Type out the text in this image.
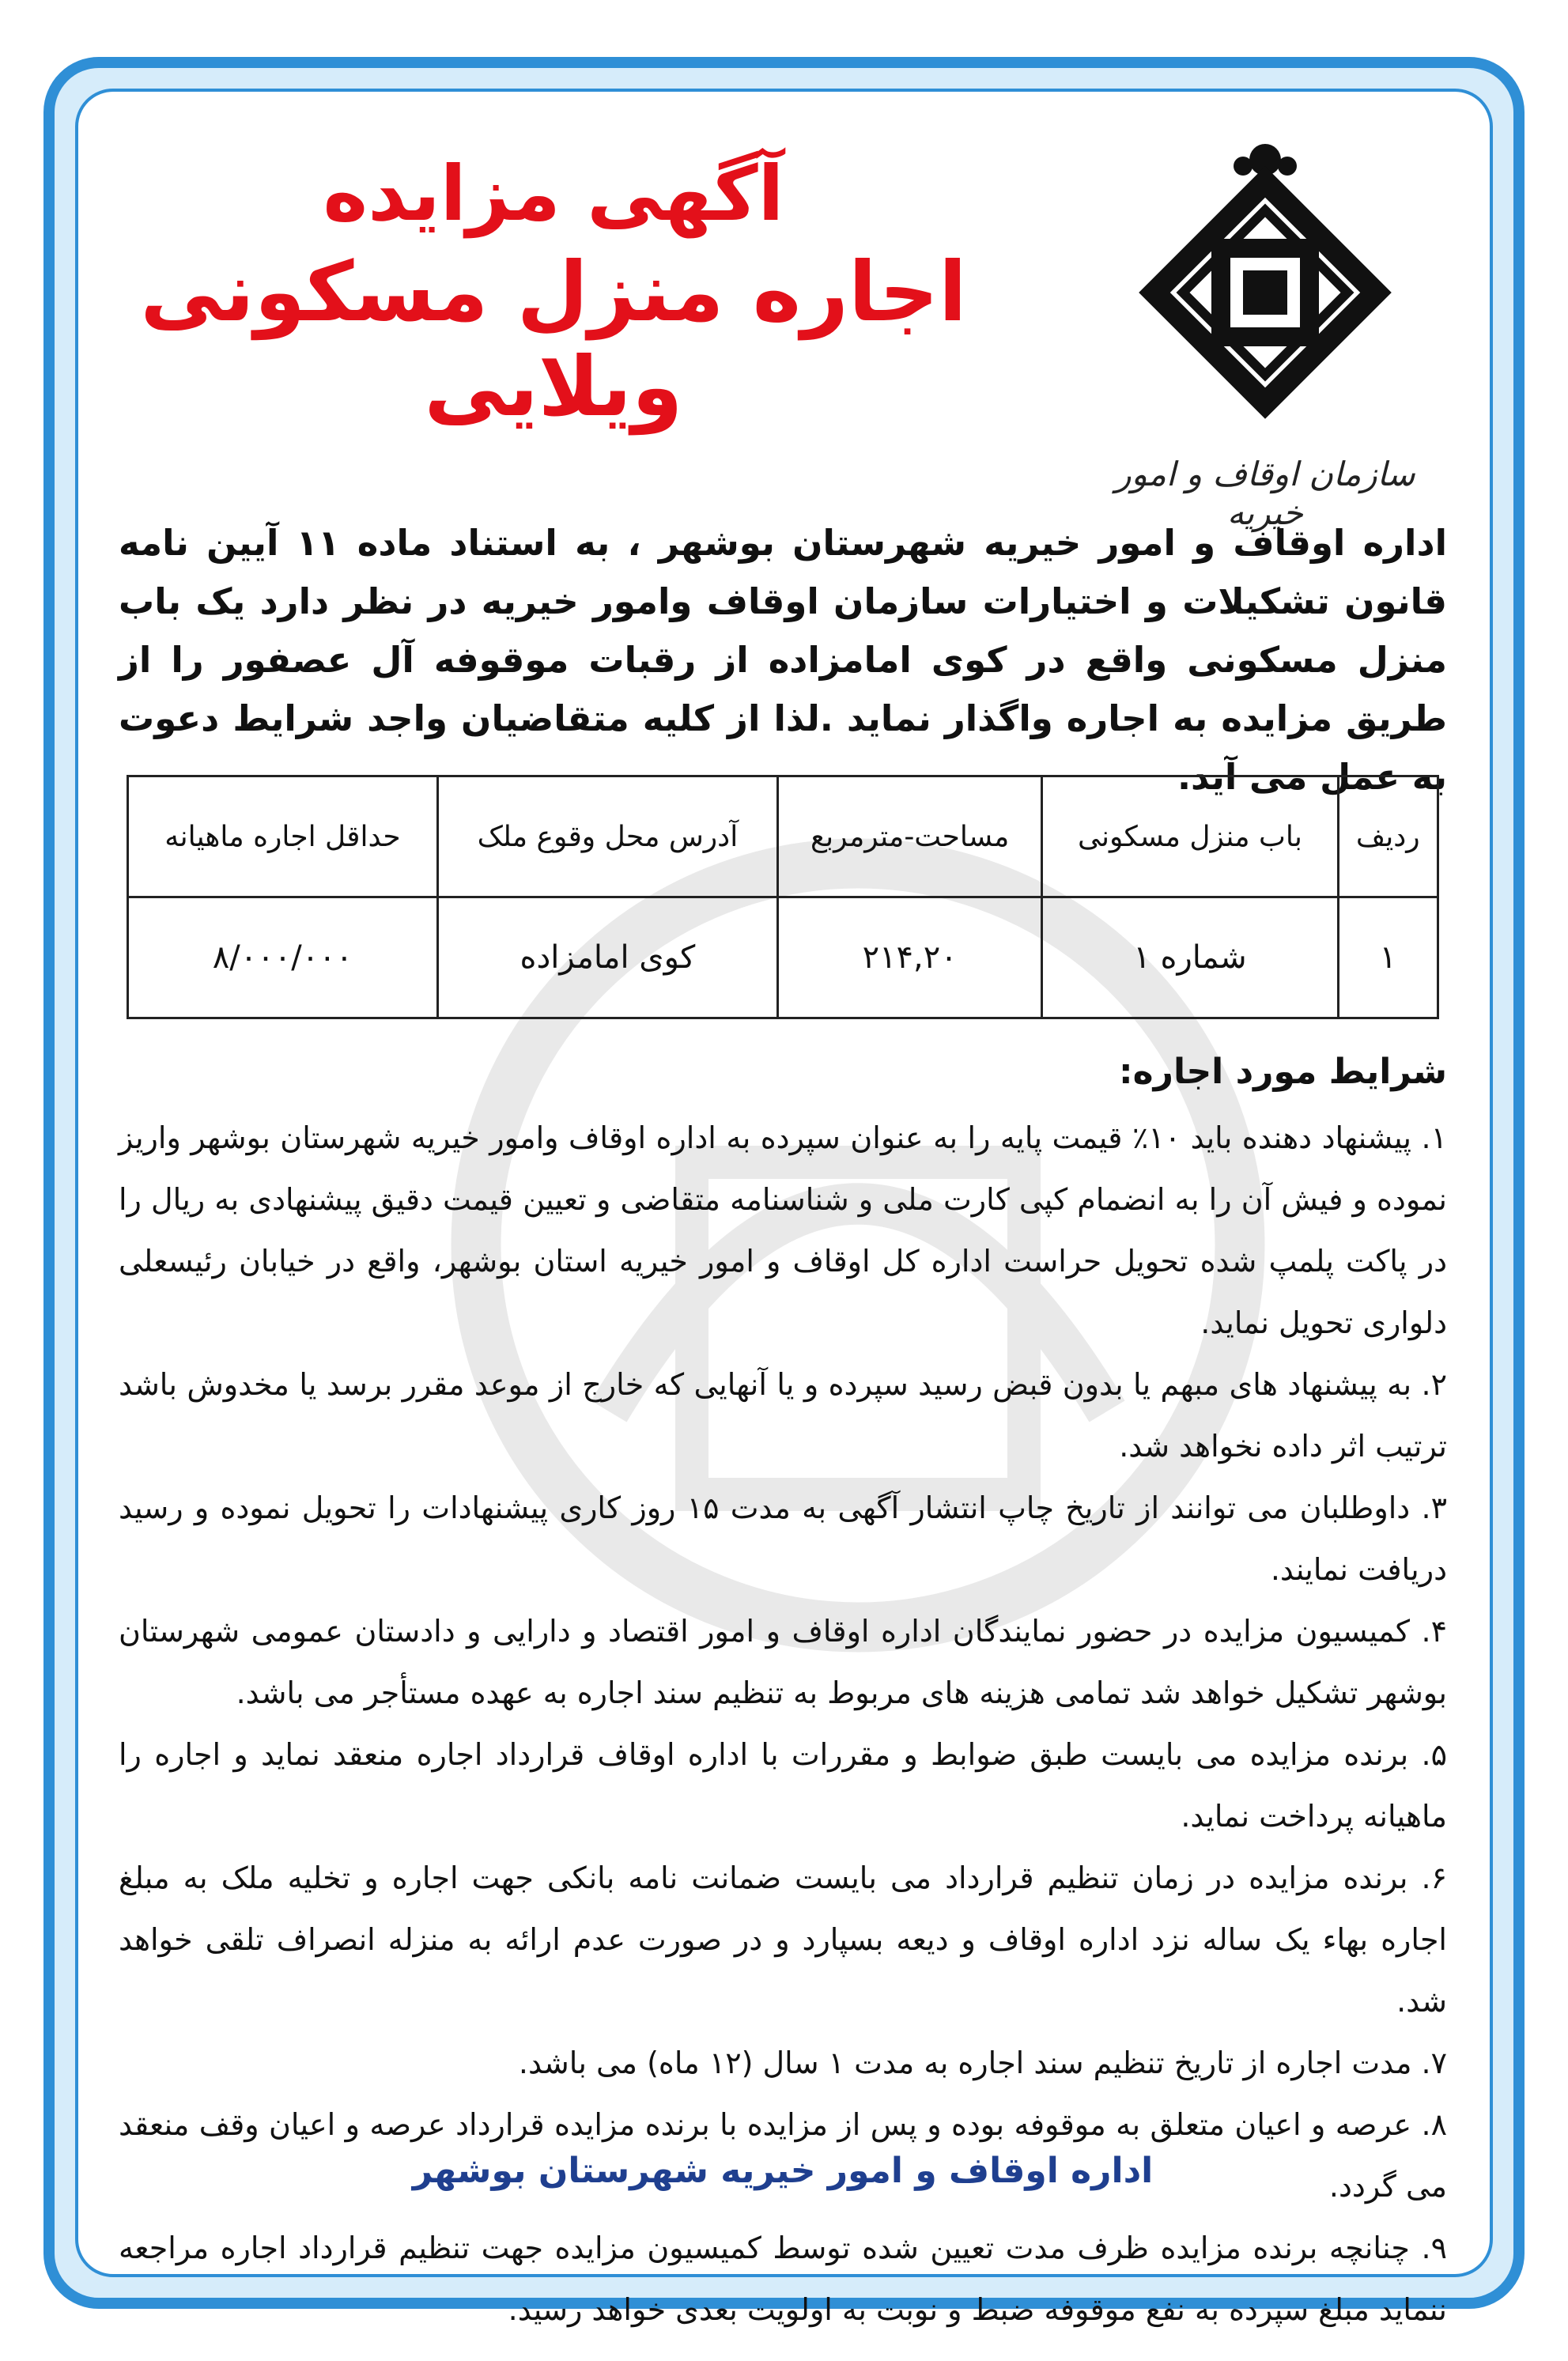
آگهی مزایده

اجاره منزل مسکونی ویلایی

سازمان اوقاف و امور خیریه
اداره اوقاف و امور خیریه شهرستان بوشهر ، به استناد ماده ۱۱ آیین نامه قانون تشکیلات و اختیارات سازمان اوقاف وامور خیریه در نظر دارد یک باب منزل مسکونی واقع در کوی امامزاده از رقبات موقوفه آل عصفور را از طریق مزایده به اجاره واگذار نماید .لذا از کلیه متقاضیان واجد شرایط دعوت به عمل می آید.
ردیف	باب منزل مسکونی	مساحت-مترمربع	آدرس محل وقوع ملک	حداقل اجاره ماهیانه
۱	شماره ۱	۲۱۴,۲۰	کوی امامزاده	۸/۰۰۰/۰۰۰
شرایط مورد اجاره:

۱. پیشنهاد دهنده باید ۱۰٪ قیمت پایه را به عنوان سپرده به اداره اوقاف وامور خیریه شهرستان بوشهر واریز نموده و فیش آن را به انضمام کپی کارت ملی و شناسنامه متقاضی و تعیین قیمت دقیق پیشنهادی به ریال را در پاکت پلمپ شده تحویل حراست اداره کل اوقاف و امور خیریه استان بوشهر، واقع در خیابان رئیسعلی دلواری تحویل نماید.

۲. به پیشنهاد های مبهم یا بدون قبض رسید سپرده و یا آنهایی که خارج از موعد مقرر برسد یا مخدوش باشد ترتیب اثر داده نخواهد شد.

۳. داوطلبان می توانند از تاریخ چاپ انتشار آگهی به مدت ۱۵ روز کاری پیشنهادات را تحویل نموده و رسید دریافت نمایند.

۴. کمیسیون مزایده در حضور نمایندگان اداره اوقاف و امور اقتصاد و دارایی و دادستان عمومی شهرستان بوشهر تشکیل خواهد شد تمامی هزینه های مربوط به تنظیم سند اجاره به عهده مستأجر می باشد.

۵. برنده مزایده می بایست طبق ضوابط و مقررات با اداره اوقاف قرارداد اجاره منعقد نماید و اجاره را ماهیانه پرداخت نماید.

۶. برنده مزایده در زمان تنظیم قرارداد می بایست ضمانت نامه بانکی جهت اجاره و تخلیه ملک به مبلغ اجاره بهاء یک ساله نزد اداره اوقاف و دیعه بسپارد و در صورت عدم ارائه به منزله انصراف تلقی خواهد شد.

۷. مدت اجاره از تاریخ تنظیم سند اجاره به مدت ۱ سال (۱۲ ماه) می باشد.

۸. عرصه و اعیان متعلق به موقوفه بوده و پس از مزایده با برنده مزایده قرارداد عرصه و اعیان وقف منعقد می گردد.

۹. چنانچه برنده مزایده ظرف مدت تعیین شده توسط کمیسیون مزایده جهت تنظیم قرارداد اجاره مراجعه ننماید مبلغ سپرده به نفع موقوفه ضبط و نوبت به اولویت بعدی خواهد رسید.

اداره اوقاف و امور خیریه شهرستان بوشهر
